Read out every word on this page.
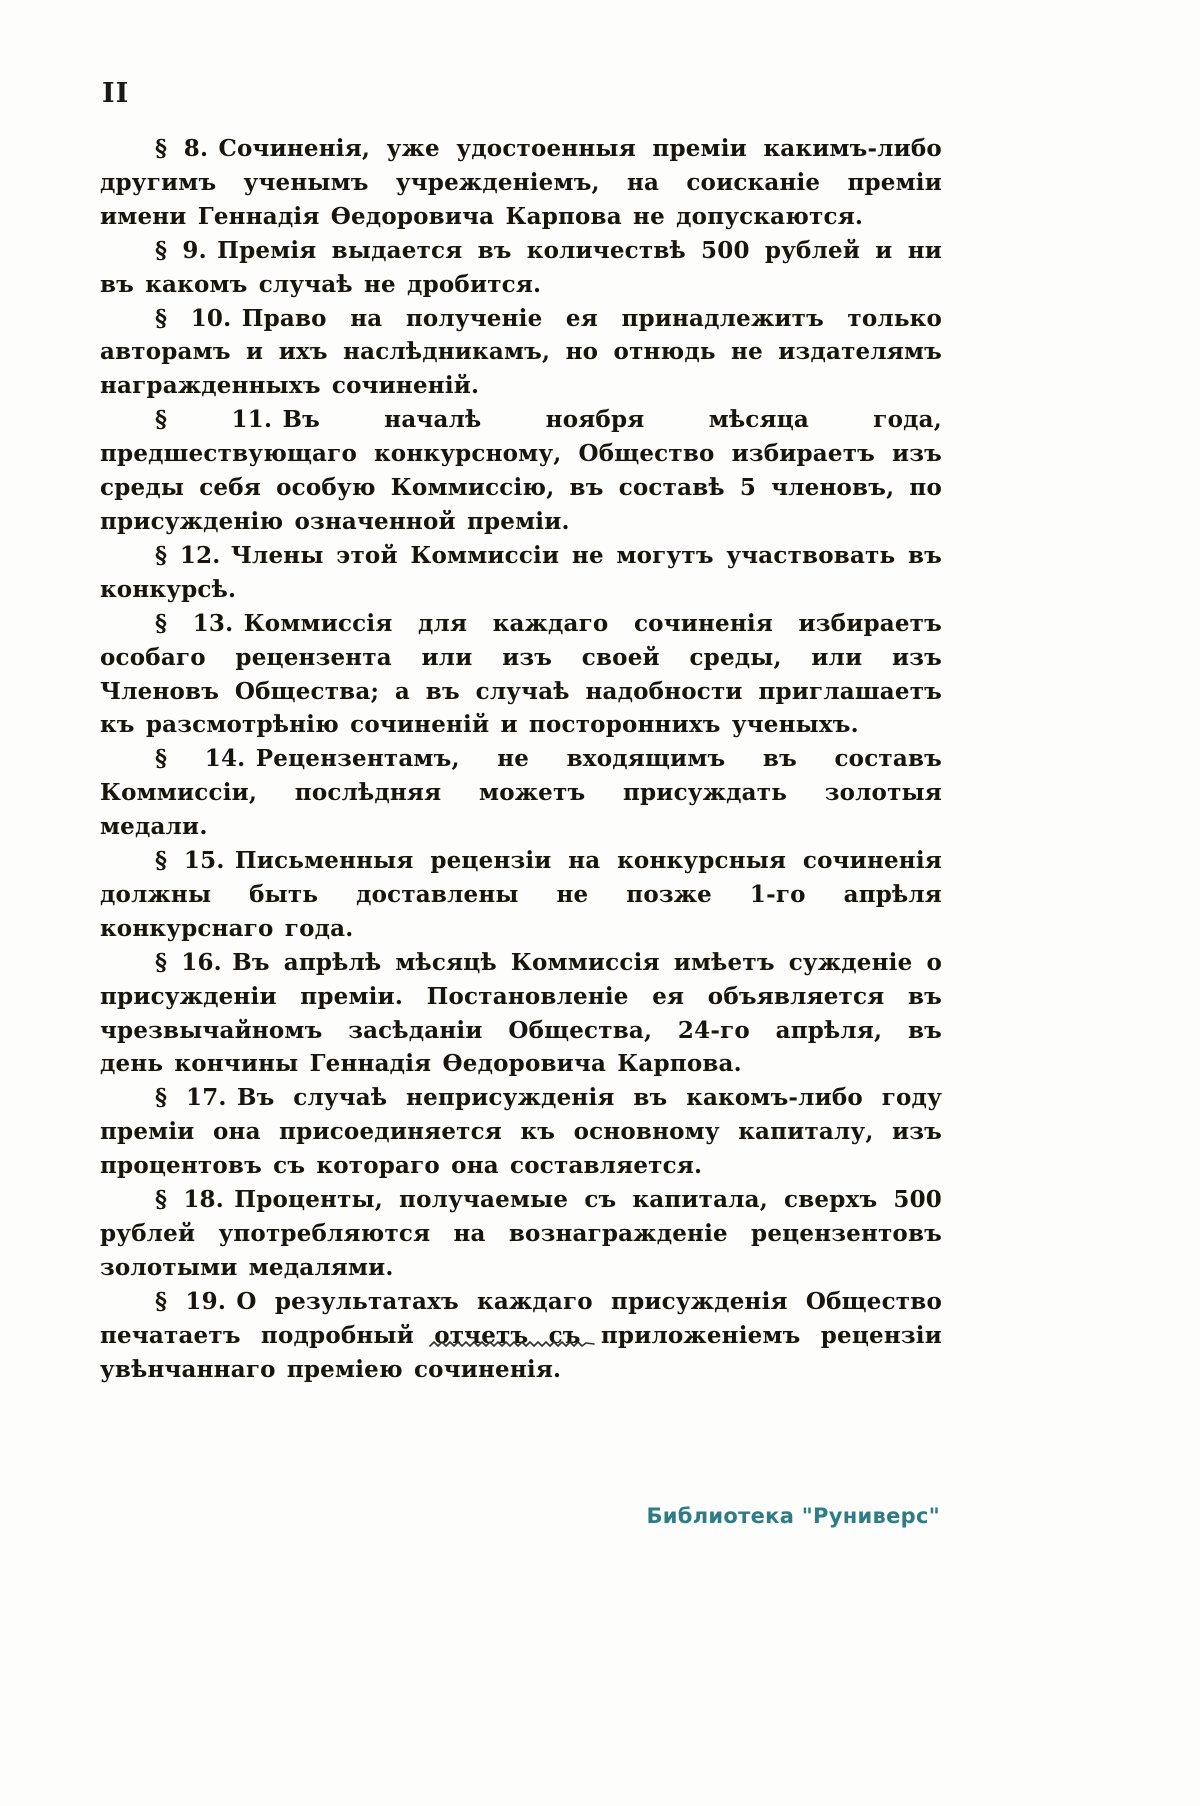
II

§ 8. Сочиненія, уже удостоенныя преміи какимъ-либо другимъ ученымъ учрежденіемъ, на соисканіе преміи имени Геннадія Ѳедоровича Карпова не допускаются.

§ 9. Премія выдается въ количествѣ 500 рублей и ни въ какомъ случаѣ не дробится.

§ 10. Право на полученіе ея принадлежитъ только авторамъ и ихъ наслѣдникамъ, но отнюдь не издателямъ награжденныхъ сочиненій.

§ 11. Въ началѣ ноября мѣсяца года, предшествующаго конкурсному, Общество избираетъ изъ среды себя особую Коммиссію, въ составѣ 5 членовъ, по присужденію означенной преміи.

§ 12. Члены этой Коммиссіи не могутъ участвовать въ конкурсѣ.

§ 13. Коммиссія для каждаго сочиненія избираетъ особаго рецензента или изъ своей среды, или изъ Членовъ Общества; а въ случаѣ надобности приглашаетъ къ разсмотрѣнію сочиненій и постороннихъ ученыхъ.

§ 14. Рецензентамъ, не входящимъ въ составъ Коммиссіи, послѣдняя можетъ присуждать золотыя медали.

§ 15. Письменныя рецензіи на конкурсныя сочиненія должны быть доставлены не позже 1-го апрѣля конкурснаго года.

§ 16. Въ апрѣлѣ мѣсяцѣ Коммиссія имѣетъ сужденіе о присужденіи преміи. Постановленіе ея объявляется въ чрезвычайномъ засѣданіи Общества, 24-го апрѣля, въ день кончины Геннадія Ѳедоровича Карпова.

§ 17. Въ случаѣ неприсужденія въ какомъ-либо году преміи она присоединяется къ основному капиталу, изъ процентовъ съ котораго она составляется.

§ 18. Проценты, получаемые съ капитала, сверхъ 500 рублей употребляются на вознагражденіе рецензентовъ золотыми медалями.

§ 19. О результатахъ каждаго присужденія Общество печатаетъ подробный отчетъ съ приложеніемъ рецензіи увѣнчаннаго преміею сочиненія.

Библиотека "Руниверс"
